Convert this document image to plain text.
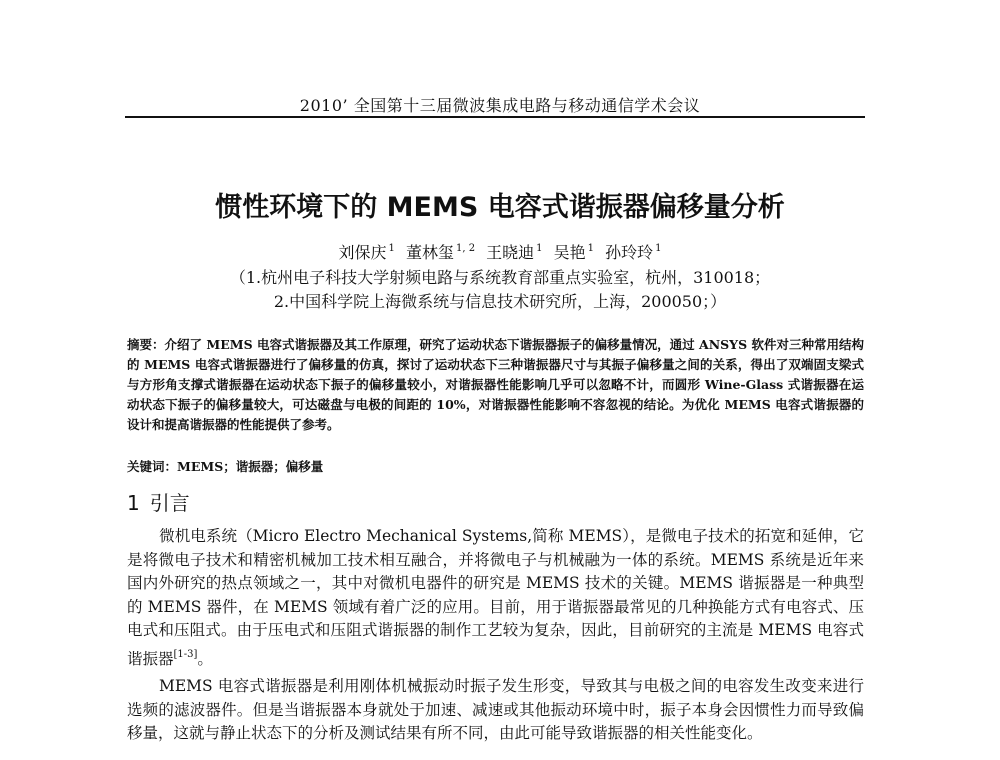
2010’ 全国第十三届微波集成电路与移动通信学术会议
惯性环境下的 MEMS 电容式谐振器偏移量分析
刘保庆 $^1$ 董林玺 $^{1, 2}$ 王晓迪 $^1$ 吴艳 $^1$ 孙玲玲 $^1$
（1.杭州电子科技大学射频电路与系统教育部重点实验室，杭州，310018；
2.中国科学院上海微系统与信息技术研究所，上海，200050；）
摘要：介绍了 MEMS 电容式谐振器及其工作原理，研究了运动状态下谐振器振子的偏移量情况，通过 ANSYS 软件对三种常用结构的 MEMS 电容式谐振器进行了偏移量的仿真，探讨了运动状态下三种谐振器尺寸与其振子偏移量之间的关系，得出了双端固支梁式与方形角支撑式谐振器在运动状态下振子的偏移量较小，对谐振器性能影响几乎可以忽略不计，而圆形 Wine-Glass 式谐振器在运动状态下振子的偏移量较大，可达磁盘与电极的间距的 10%，对谐振器性能影响不容忽视的结论。为优化 MEMS 电容式谐振器的设计和提高谐振器的性能提供了参考。
关键词：MEMS；谐振器；偏移量
1 引言
微机电系统（Micro Electro Mechanical Systems,简称 MEMS），是微电子技术的拓宽和延伸，它是将微电子技术和精密机械加工技术相互融合，并将微电子与机械融为一体的系统。MEMS 系统是近年来国内外研究的热点领域之一，其中对微机电器件的研究是 MEMS 技术的关键。MEMS 谐振器是一种典型的 MEMS 器件，在 MEMS 领域有着广泛的应用。目前，用于谐振器最常见的几种换能方式有电容式、压电式和压阻式。由于压电式和压阻式谐振器的制作工艺较为复杂，因此，目前研究的主流是 MEMS 电容式谐振器[1-3]。
MEMS 电容式谐振器是利用刚体机械振动时振子发生形变，导致其与电极之间的电容发生改变来进行选频的滤波器件。但是当谐振器本身就处于加速、减速或其他振动环境中时，振子本身会因惯性力而导致偏移量，这就与静止状态下的分析及测试结果有所不同，由此可能导致谐振器的相关性能变化。
